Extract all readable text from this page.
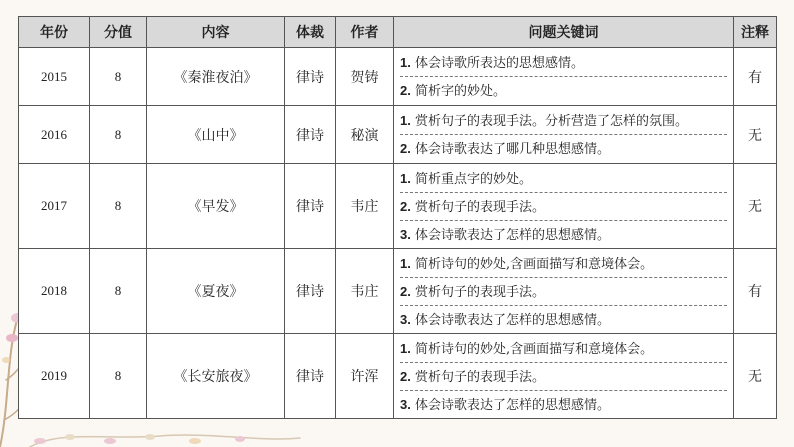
年份	分值	内容	体裁	作者	问题关键词	注释
2015	8	《秦淮夜泊》	律诗	贺铸	1. 体会诗歌所表达的思想感情。
2. 简析字的妙处。	有
2016	8	《山中》	律诗	秘演	1. 赏析句子的表现手法。分析营造了怎样的氛围。
2. 体会诗歌表达了哪几种思想感情。	无
2017	8	《早发》	律诗	韦庄	1. 简析重点字的妙处。
2. 赏析句子的表现手法。
3. 体会诗歌表达了怎样的思想感情。	无
2018	8	《夏夜》	律诗	韦庄	1. 简析诗句的妙处,含画面描写和意境体会。
2. 赏析句子的表现手法。
3. 体会诗歌表达了怎样的思想感情。	有
2019	8	《长安旅夜》	律诗	许浑	1. 简析诗句的妙处,含画面描写和意境体会。
2. 赏析句子的表现手法。
3. 体会诗歌表达了怎样的思想感情。	无
